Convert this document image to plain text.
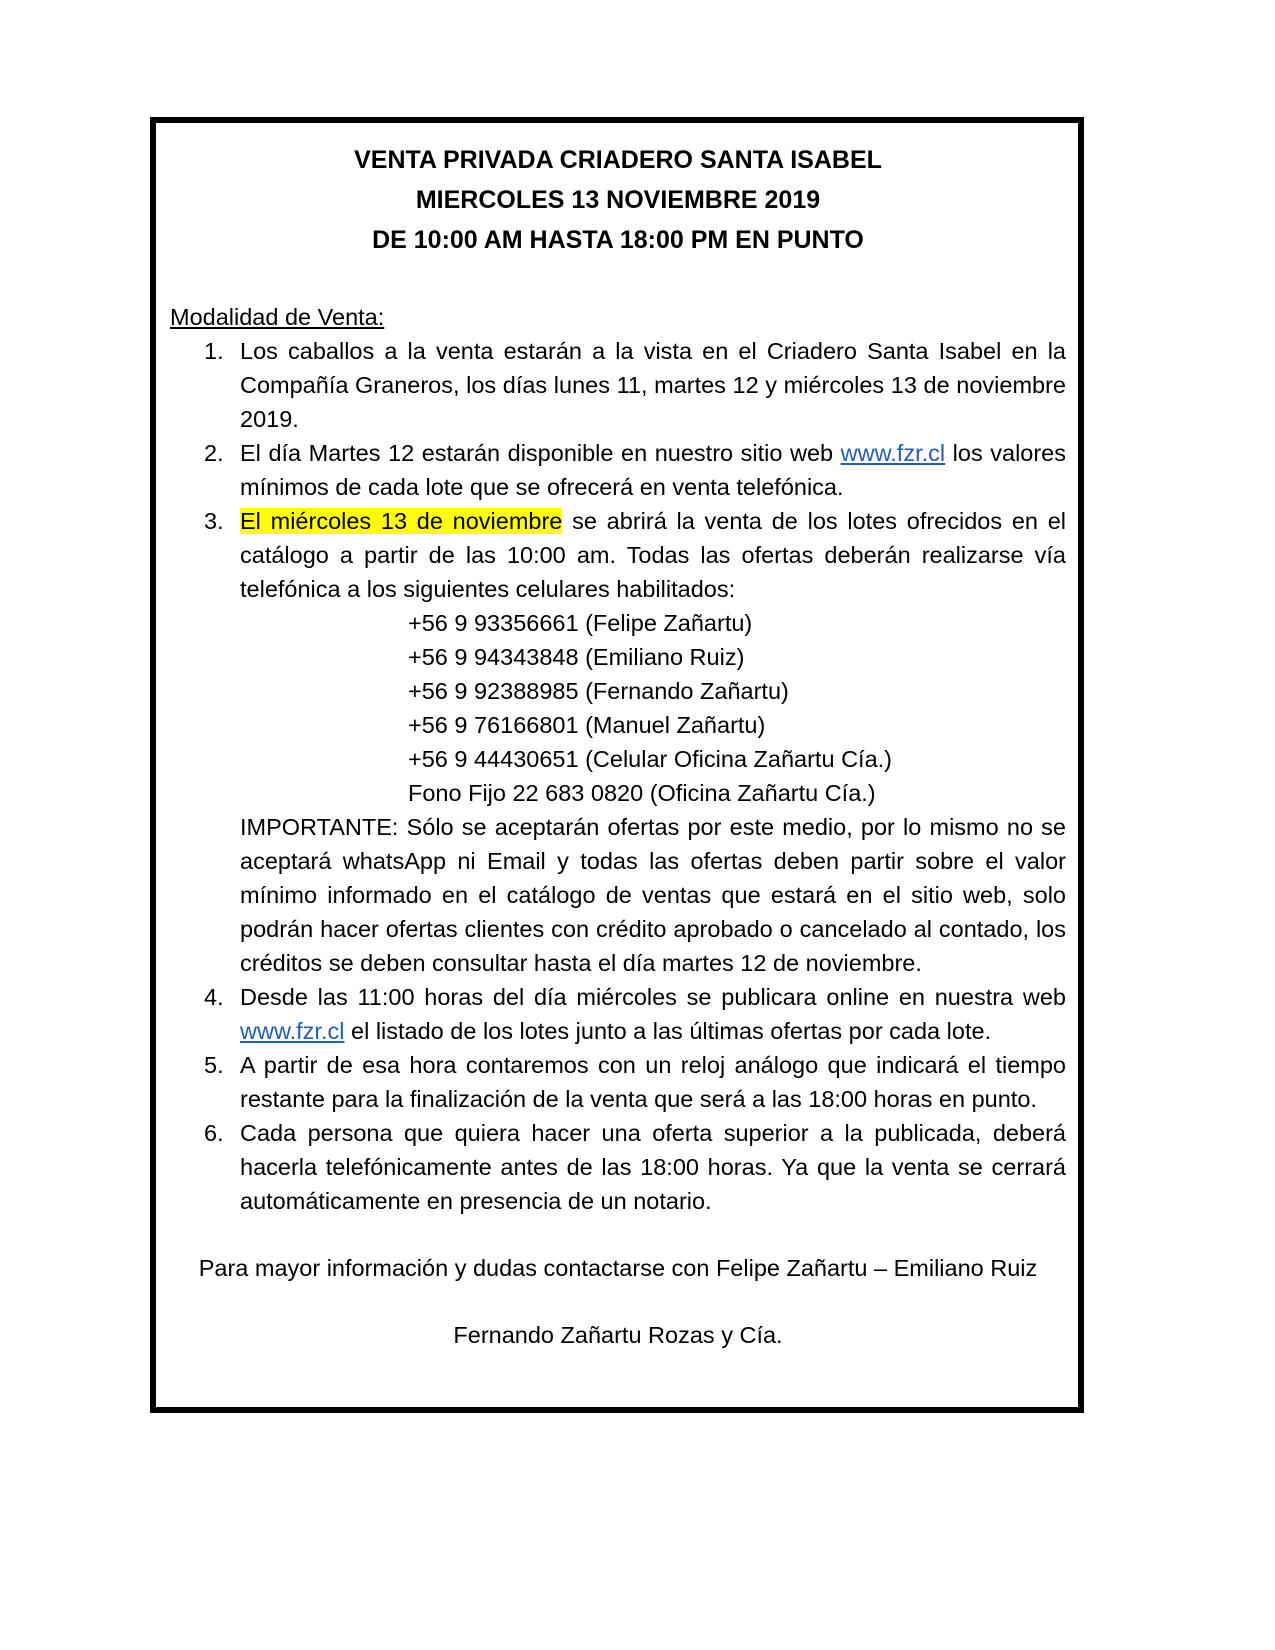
VENTA PRIVADA CRIADERO SANTA ISABEL
MIERCOLES 13 NOVIEMBRE 2019
DE 10:00 AM HASTA 18:00 PM EN PUNTO

Modalidad de Venta:

1. Los caballos a la venta estarán a la vista en el Criadero Santa Isabel en la Compañía Graneros, los días lunes 11, martes 12 y miércoles 13 de noviembre 2019.
2. El día Martes 12 estarán disponible en nuestro sitio web www.fzr.cl los valores mínimos de cada lote que se ofrecerá en venta telefónica.
3. El miércoles 13 de noviembre se abrirá la venta de los lotes ofrecidos en el catálogo a partir de las 10:00 am. Todas las ofertas deberán realizarse vía telefónica a los siguientes celulares habilitados:
+56 9 93356661 (Felipe Zañartu)
+56 9 94343848 (Emiliano Ruiz)
+56 9 92388985 (Fernando Zañartu)
+56 9 76166801 (Manuel Zañartu)
+56 9 44430651 (Celular Oficina Zañartu Cía.)
Fono Fijo 22 683 0820 (Oficina Zañartu Cía.)

IMPORTANTE: Sólo se aceptarán ofertas por este medio, por lo mismo no se aceptará whatsApp ni Email y todas las ofertas deben partir sobre el valor mínimo informado en el catálogo de ventas que estará en el sitio web, solo podrán hacer ofertas clientes con crédito aprobado o cancelado al contado, los créditos se deben consultar hasta el día martes 12 de noviembre.

4. Desde las 11:00 horas del día miércoles se publicara online en nuestra web www.fzr.cl el listado de los lotes junto a las últimas ofertas por cada lote.
5. A partir de esa hora contaremos con un reloj análogo que indicará el tiempo restante para la finalización de la venta que será a las 18:00 horas en punto.
6. Cada persona que quiera hacer una oferta superior a la publicada, deberá hacerla telefónicamente antes de las 18:00 horas. Ya que la venta se cerrará automáticamente en presencia de un notario.

Para mayor información y dudas contactarse con Felipe Zañartu – Emiliano Ruiz

Fernando Zañartu Rozas y Cía.
